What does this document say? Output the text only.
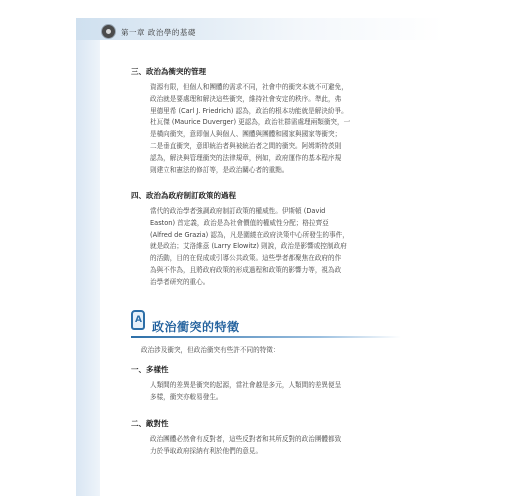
第一章 政治學的基礎
三、政治為衝突的管理
資源有限，但個人和團體的需求不同，社會中的衝突本就不可避免，
政治就是要處理和解決這些衝突，維持社會安定的秩序。準此，弗
里德里希 (Carl J. Friedrich) 認為，政治的根本功能就是解決紛爭。
杜瓦傑 (Maurice Duverger) 更認為，政治社群需處理兩類衝突，一
是橫向衝突，意即個人與個人、團體與團體和國家與國家等衝突；
二是垂直衝突，意即統治者與被統治者之間的衝突。阿姆斯特茨則
認為，解決與管理衝突的法律規章，例如，政府運作的基本程序規
則建立和憲法的修訂等，是政治關心者的重點。
四、政治為政府制訂政策的過程
當代的政治學者強調政府制訂政策的權威性。伊斯頓 (David
Easton) 首定義，政治是為社會價值的權威性分配；格拉齊亞
(Alfred de Grazia) 認為，凡是圍繞在政府決策中心所發生的事件，
就是政治；艾洛維茲 (Larry Elowitz) 則說，政治是影響或控制政府
的活動，目的在促成或引導公共政策。這些學者都聚焦在政府的作
為與不作為，且將政府政策的形成過程和政策的影響力等，視為政
治學者研究的重心。
A
政治衝突的特徵
政治涉及衝突，但政治衝突有些許不同的特徵：
一、多樣性
人類間的差異是衝突的起源，當社會越是多元，人類間的差異便呈
多樣，衝突亦較易發生。
二、敵對性
政治團體必然會有反對者，這些反對者和其所反對的政治團體都致
力於爭取政府採納有利於他們的意見。
